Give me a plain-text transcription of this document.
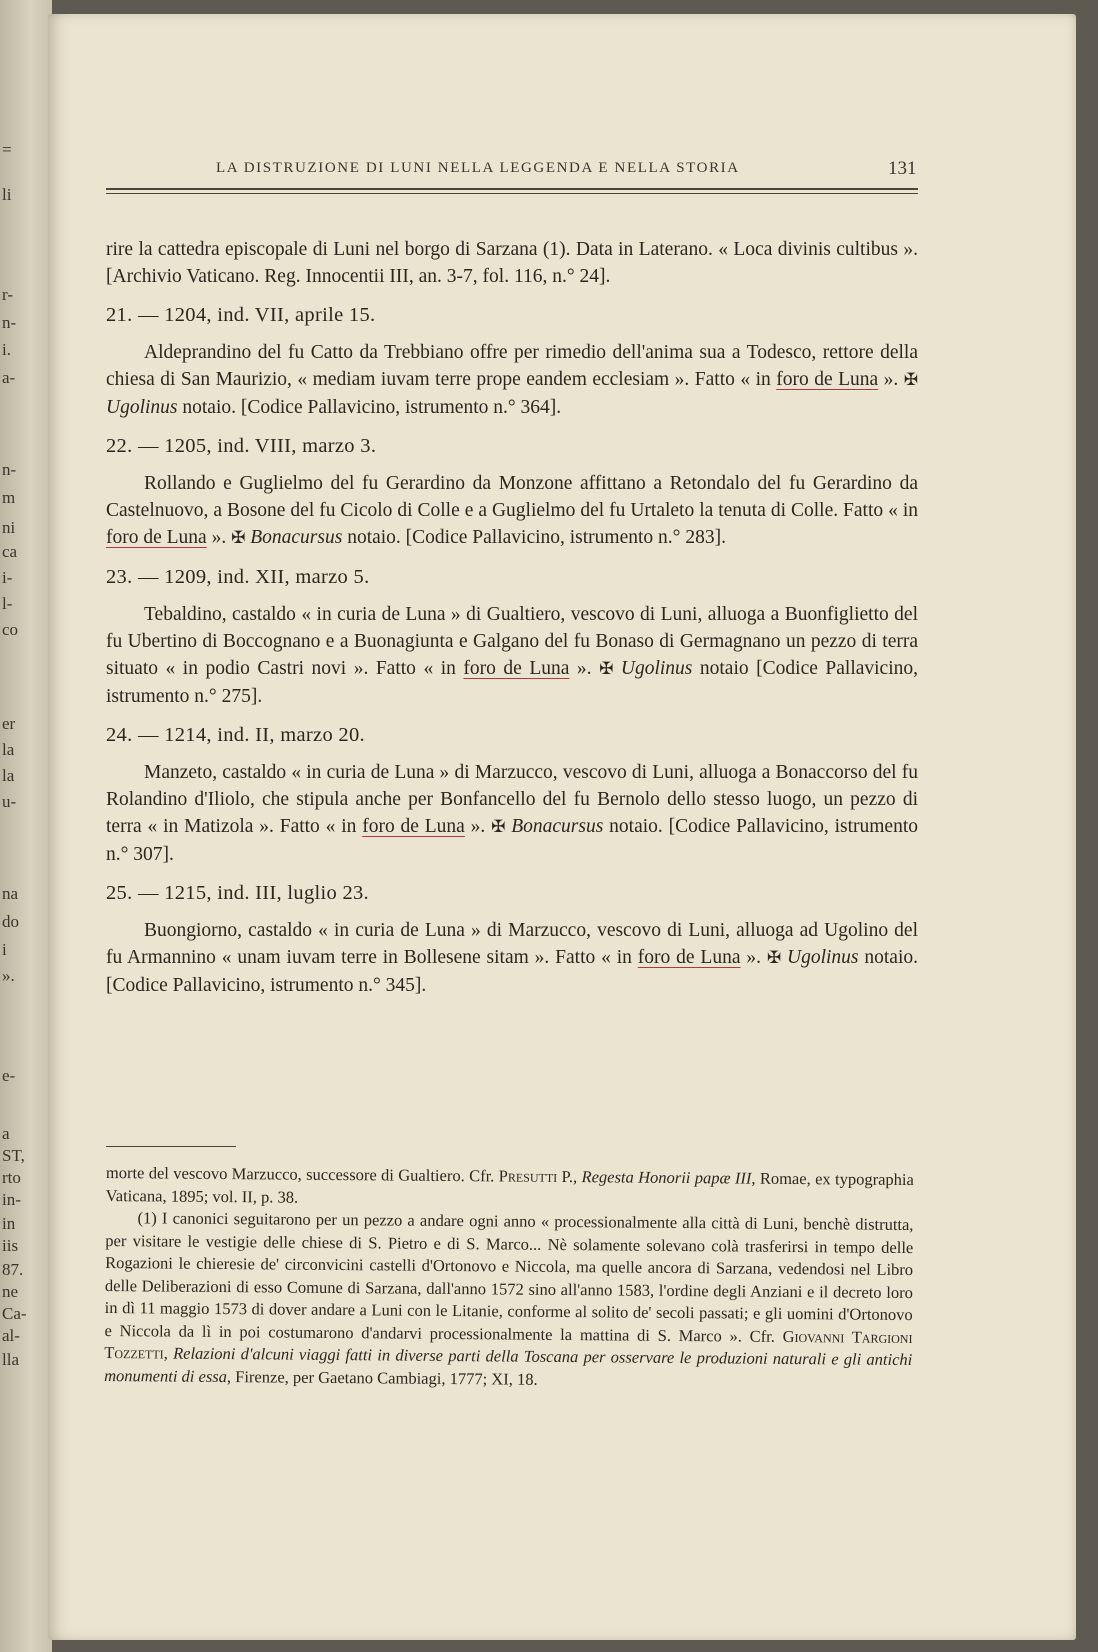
=
li
r-
n-
i.
a-
n-
m
ni
ca
i-
l-
co
er
la
la
u-
na
do
i
».
e-
a
ST,
rto
in-
in
iis
87.
ne
Ca-
al-
lla
LA DISTRUZIONE DI LUNI NELLA LEGGENDA E NELLA STORIA	131

rire la cattedra episcopale di Luni nel borgo di Sarzana (1). Data in Laterano. « Loca divinis cultibus ». [Archivio Vaticano. Reg. Innocentii III, an. 3-7, fol. 116, n.° 24].

21. — 1204, ind. VII, aprile 15.

Aldeprandino del fu Catto da Trebbiano offre per rimedio dell'anima sua a Todesco, rettore della chiesa di San Maurizio, « mediam iuvam terre prope eandem ecclesiam ». Fatto « in foro de Luna ». ✠ Ugolinus notaio. [Codice Pallavicino, istrumento n.° 364].

22. — 1205, ind. VIII, marzo 3.

Rollando e Guglielmo del fu Gerardino da Monzone affittano a Retondalo del fu Gerardino da Castelnuovo, a Bosone del fu Cicolo di Colle e a Guglielmo del fu Urtaleto la tenuta di Colle. Fatto « in foro de Luna ». ✠ Bonacursus notaio. [Codice Pallavicino, istrumento n.° 283].

23. — 1209, ind. XII, marzo 5.

Tebaldino, castaldo « in curia de Luna » di Gualtiero, vescovo di Luni, alluoga a Buonfiglietto del fu Ubertino di Boccognano e a Buonagiunta e Galgano del fu Bonaso di Germagnano un pezzo di terra situato « in podio Castri novi ». Fatto « in foro de Luna ». ✠ Ugolinus notaio [Codice Pallavicino, istrumento n.° 275].

24. — 1214, ind. II, marzo 20.

Manzeto, castaldo « in curia de Luna » di Marzucco, vescovo di Luni, alluoga a Bonaccorso del fu Rolandino d'Iliolo, che stipula anche per Bonfancello del fu Bernolo dello stesso luogo, un pezzo di terra « in Matizola ». Fatto « in foro de Luna ». ✠ Bonacursus notaio. [Codice Pallavicino, istrumento n.° 307].

25. — 1215, ind. III, luglio 23.

Buongiorno, castaldo « in curia de Luna » di Marzucco, vescovo di Luni, alluoga ad Ugolino del fu Armannino « unam iuvam terre in Bollesene sitam ». Fatto « in foro de Luna ». ✠ Ugolinus notaio. [Codice Pallavicino, istrumento n.° 345].

morte del vescovo Marzucco, successore di Gualtiero. Cfr. Presutti P., Regesta Honorii papæ III, Romae, ex typographia Vaticana, 1895; vol. II, p. 38.

(1) I canonici seguitarono per un pezzo a andare ogni anno « processionalmente alla città di Luni, benchè distrutta, per visitare le vestigie delle chiese di S. Pietro e di S. Marco... Nè solamente solevano colà trasferirsi in tempo delle Rogazioni le chieresie de' circonvicini castelli d'Ortonovo e Niccola, ma quelle ancora di Sarzana, vedendosi nel Libro delle Deliberazioni di esso Comune di Sarzana, dall'anno 1572 sino all'anno 1583, l'ordine degli Anziani e il decreto loro in dì 11 maggio 1573 di dover andare a Luni con le Litanie, conforme al solito de' secoli passati; e gli uomini d'Ortonovo e Niccola da lì in poi costumarono d'andarvi processionalmente la mattina di S. Marco ». Cfr. Giovanni Targioni Tozzetti, Relazioni d'alcuni viaggi fatti in diverse parti della Toscana per osservare le produzioni naturali e gli antichi monumenti di essa, Firenze, per Gaetano Cambiagi, 1777; XI, 18.
